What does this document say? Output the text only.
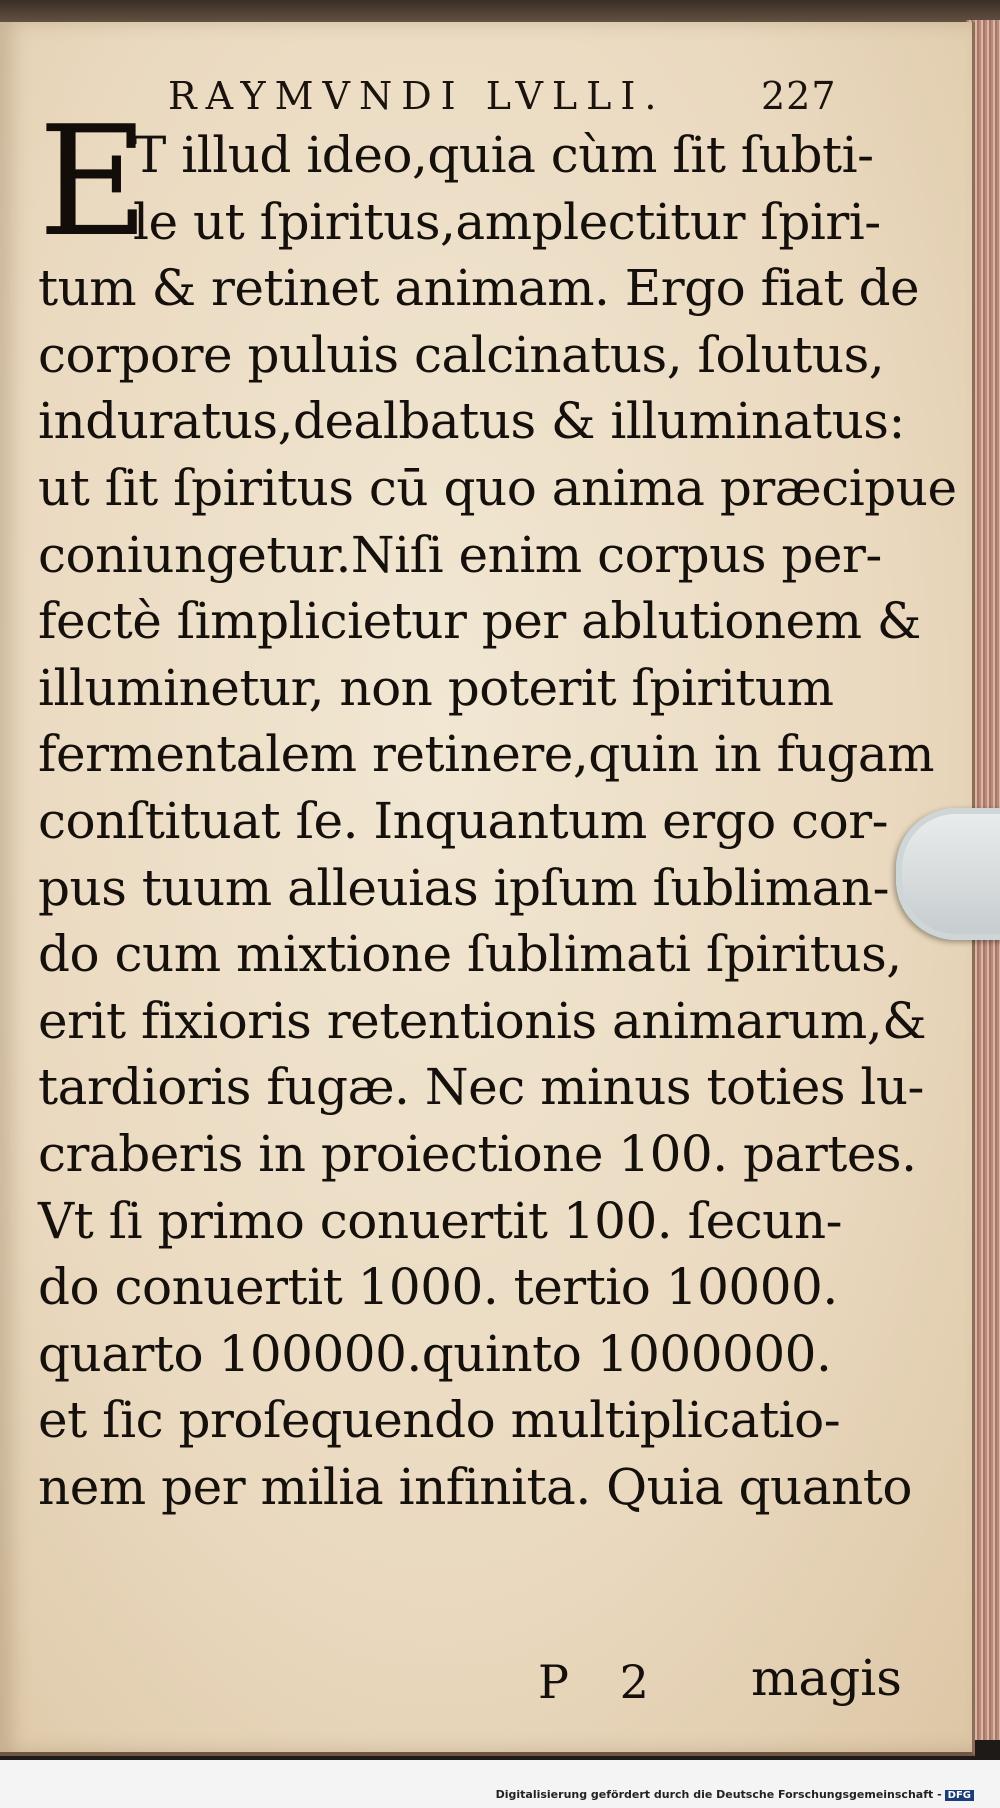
RAYMVNDI LVLLI.	227
E
T illud ideo,quia cùm ſit ſubti-
le ut ſpiritus,amplectitur ſpiri-
tum & retinet animam. Ergo fiat de
corpore puluis calcinatus, ſolutus,
induratus,dealbatus & illuminatus:
ut ſit ſpiritus cū quo anima præcipue
coniungetur.Niſi enim corpus per-
fectè ſimplicietur per ablutionem &
illuminetur, non poterit ſpiritum
fermentalem retinere,quin in fugam
conſtituat ſe. Inquantum ergo cor-
pus tuum alleuias ipſum ſubliman-
do cum mixtione ſublimati ſpiritus,
erit fixioris retentionis animarum,&
tardioris fugæ. Nec minus toties lu-
craberis in proiectione 100. partes.
Vt ſi primo conuertit 100. ſecun-
do conuertit 1000. tertio 10000.
quarto 100000.quinto 1000000.
et ſic proſequendo multiplicatio-
nem per milia infinita. Quia quanto
P 2 magis
Digitalisierung gefördert durch die Deutsche Forschungsgemeinschaft - DFG
